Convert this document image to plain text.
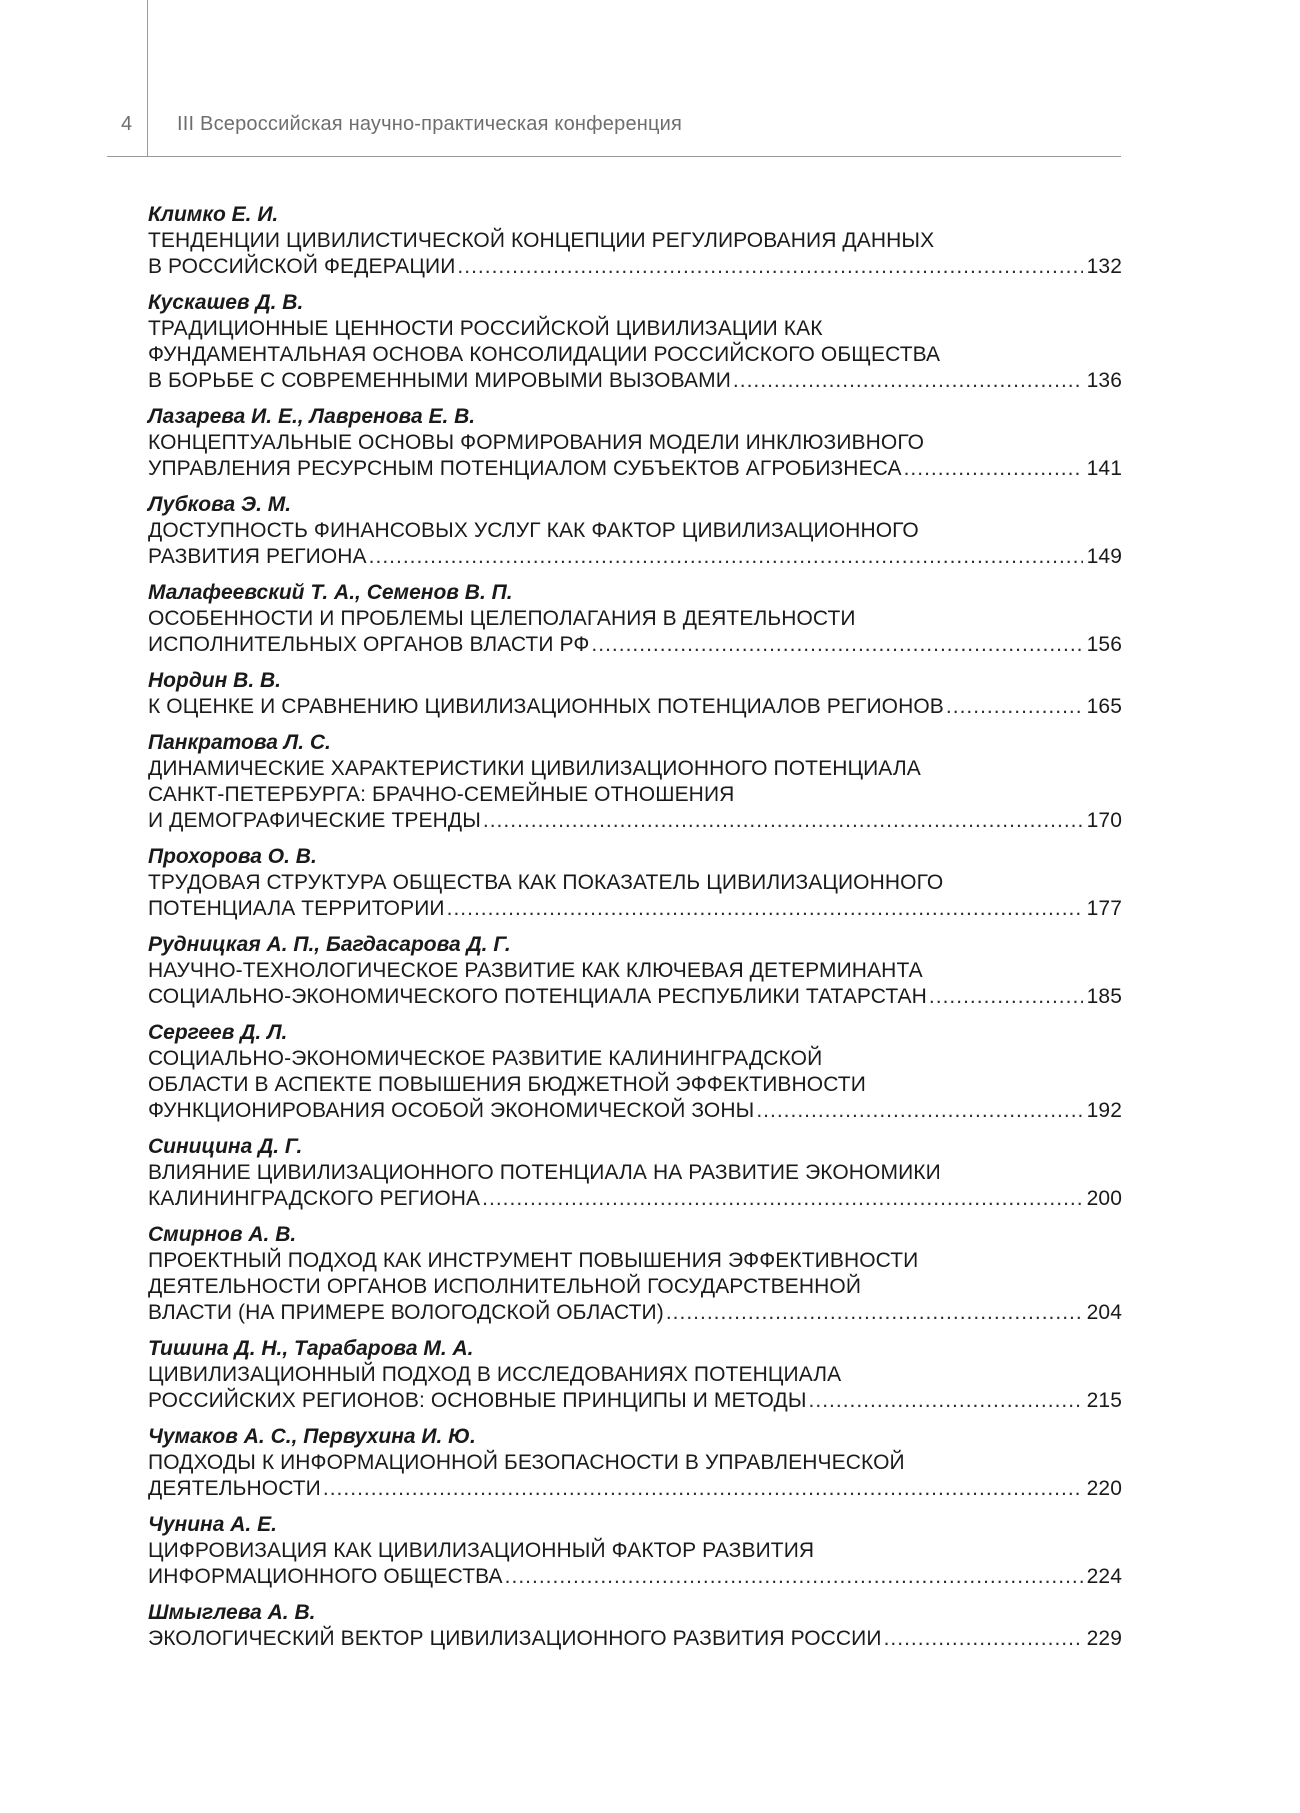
4 III Всероссийская научно-практическая конференция
Климко Е. И.
ТЕНДЕНЦИИ ЦИВИЛИСТИЧЕСКОЙ КОНЦЕПЦИИ РЕГУЛИРОВАНИЯ ДАННЫХ
В РОССИЙСКОЙ ФЕДЕРАЦИИ .....	132
Кускашев Д. В.
ТРАДИЦИОННЫЕ ЦЕННОСТИ РОССИЙСКОЙ ЦИВИЛИЗАЦИИ КАК
ФУНДАМЕНТАЛЬНАЯ ОСНОВА КОНСОЛИДАЦИИ РОССИЙСКОГО ОБЩЕСТВА
В БОРЬБЕ С СОВРЕМЕННЫМИ МИРОВЫМИ ВЫЗОВАМИ .....	136
Лазарева И. Е., Лавренова Е. В.
КОНЦЕПТУАЛЬНЫЕ ОСНОВЫ ФОРМИРОВАНИЯ МОДЕЛИ ИНКЛЮЗИВНОГО
УПРАВЛЕНИЯ РЕСУРСНЫМ ПОТЕНЦИАЛОМ СУБЪЕКТОВ АГРОБИЗНЕСА .....	141
Лубкова Э. М.
ДОСТУПНОСТЬ ФИНАНСОВЫХ УСЛУГ КАК ФАКТОР ЦИВИЛИЗАЦИОННОГО
РАЗВИТИЯ РЕГИОНА .....	149
Малафеевский Т. А., Семенов В. П.
ОСОБЕННОСТИ И ПРОБЛЕМЫ ЦЕЛЕПОЛАГАНИЯ В ДЕЯТЕЛЬНОСТИ
ИСПОЛНИТЕЛЬНЫХ ОРГАНОВ ВЛАСТИ РФ .....	156
Нордин В. В.
К ОЦЕНКЕ И СРАВНЕНИЮ ЦИВИЛИЗАЦИОННЫХ ПОТЕНЦИАЛОВ РЕГИОНОВ .....	165
Панкратова Л. С.
ДИНАМИЧЕСКИЕ ХАРАКТЕРИСТИКИ ЦИВИЛИЗАЦИОННОГО ПОТЕНЦИАЛА
САНКТ-ПЕТЕРБУРГА: БРАЧНО-СЕМЕЙНЫЕ ОТНОШЕНИЯ
И ДЕМОГРАФИЧЕСКИЕ ТРЕНДЫ .....	170
Прохорова О. В.
ТРУДОВАЯ СТРУКТУРА ОБЩЕСТВА КАК ПОКАЗАТЕЛЬ ЦИВИЛИЗАЦИОННОГО
ПОТЕНЦИАЛА ТЕРРИТОРИИ .....	177
Рудницкая А. П., Багдасарова Д. Г.
НАУЧНО-ТЕХНОЛОГИЧЕСКОЕ РАЗВИТИЕ КАК КЛЮЧЕВАЯ ДЕТЕРМИНАНТА
СОЦИАЛЬНО-ЭКОНОМИЧЕСКОГО ПОТЕНЦИАЛА РЕСПУБЛИКИ ТАТАРСТАН .....	185
Сергеев Д. Л.
СОЦИАЛЬНО-ЭКОНОМИЧЕСКОЕ РАЗВИТИЕ КАЛИНИНГРАДСКОЙ
ОБЛАСТИ В АСПЕКТЕ ПОВЫШЕНИЯ БЮДЖЕТНОЙ ЭФФЕКТИВНОСТИ
ФУНКЦИОНИРОВАНИЯ ОСОБОЙ ЭКОНОМИЧЕСКОЙ ЗОНЫ .....	192
Синицина Д. Г.
ВЛИЯНИЕ ЦИВИЛИЗАЦИОННОГО ПОТЕНЦИАЛА НА РАЗВИТИЕ ЭКОНОМИКИ
КАЛИНИНГРАДСКОГО РЕГИОНА .....	200
Смирнов А. В.
ПРОЕКТНЫЙ ПОДХОД КАК ИНСТРУМЕНТ ПОВЫШЕНИЯ ЭФФЕКТИВНОСТИ
ДЕЯТЕЛЬНОСТИ ОРГАНОВ ИСПОЛНИТЕЛЬНОЙ ГОСУДАРСТВЕННОЙ
ВЛАСТИ (НА ПРИМЕРЕ ВОЛОГОДСКОЙ ОБЛАСТИ) .....	204
Тишина Д. Н., Тарабарова М. А.
ЦИВИЛИЗАЦИОННЫЙ ПОДХОД В ИССЛЕДОВАНИЯХ ПОТЕНЦИАЛА
РОССИЙСКИХ РЕГИОНОВ: ОСНОВНЫЕ ПРИНЦИПЫ И МЕТОДЫ .....	215
Чумаков А. С., Первухина И. Ю.
ПОДХОДЫ К ИНФОРМАЦИОННОЙ БЕЗОПАСНОСТИ В УПРАВЛЕНЧЕСКОЙ
ДЕЯТЕЛЬНОСТИ .....	220
Чунина А. Е.
ЦИФРОВИЗАЦИЯ КАК ЦИВИЛИЗАЦИОННЫЙ ФАКТОР РАЗВИТИЯ
ИНФОРМАЦИОННОГО ОБЩЕСТВА .....	224
Шмыглева А. В.
ЭКОЛОГИЧЕСКИЙ ВЕКТОР ЦИВИЛИЗАЦИОННОГО РАЗВИТИЯ РОССИИ .....	229
